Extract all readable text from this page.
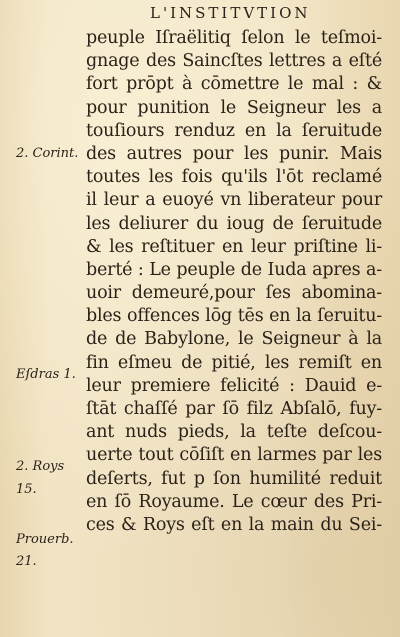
L'INSTITVTION
peuple Iſraëlitiq ſelon le teſmoi-
gnage des Saincſtes lettres a eſté
fort prōpt à cōmettre le mal : &
pour punition le Seigneur les a
touſiours renduz en la ſeruitude
des autres pour les punir. Mais
toutes les fois qu'ils l'ōt reclamé
il leur a euoyé vn liberateur pour
les deliurer du ioug de ſeruitude
& les reſtituer en leur priſtine li-
berté : Le peuple de Iuda apres a-
uoir demeuré,pour ſes abomina-
bles offences lōg tēs en la ſeruitu-
de de Babylone, le Seigneur à la
fin eſmeu de pitié, les remiſt en
leur premiere felicité : Dauid e-
ſtāt chaſſé par ſō filz Abſalō, fuy-
ant nuds pieds, la teſte deſcou-
uerte tout cōſiſt en larmes par les
deſerts, fut p ſon humilité reduit
en ſō Royaume. Le cœur des Pri-
ces & Roys eſt en la main du Sei-
2. Corint.
Eſdras 1.
2. Roys
15.
Prouerb.
21.
